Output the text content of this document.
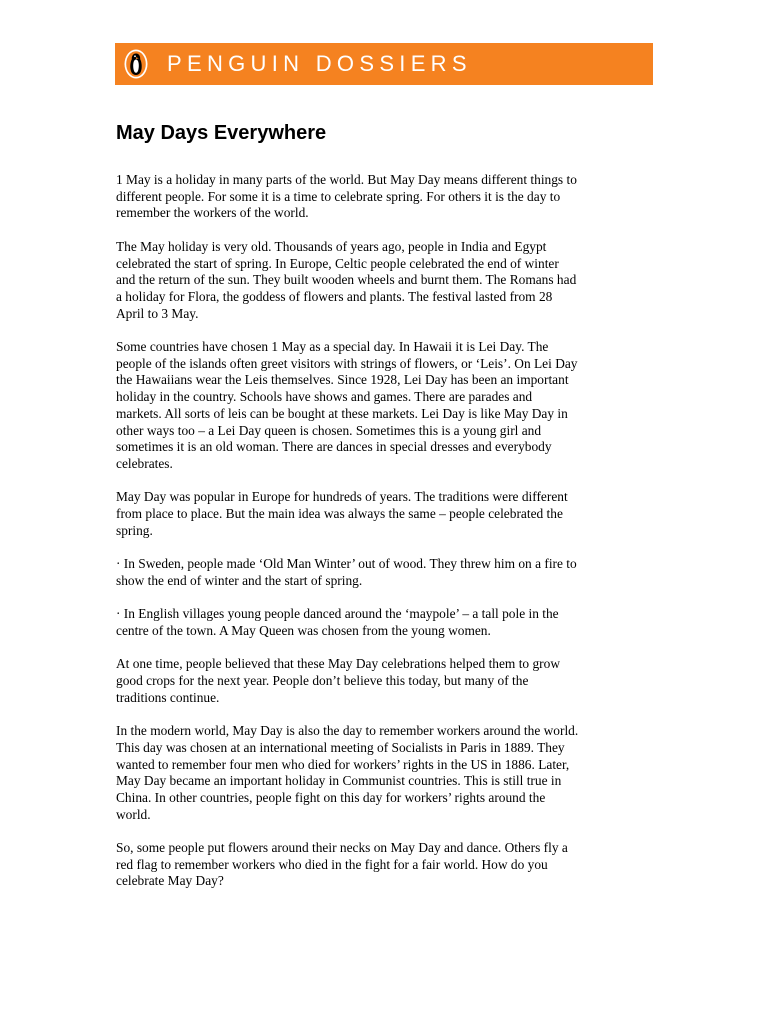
PENGUIN DOSSIERS
May Days Everywhere

1 May is a holiday in many parts of the world. But May Day means different things to
different people. For some it is a time to celebrate spring. For others it is the day to
remember the workers of the world.

The May holiday is very old. Thousands of years ago, people in India and Egypt
celebrated the start of spring. In Europe, Celtic people celebrated the end of winter
and the return of the sun. They built wooden wheels and burnt them. The Romans had
a holiday for Flora, the goddess of flowers and plants. The festival lasted from 28
April to 3 May.

Some countries have chosen 1 May as a special day. In Hawaii it is Lei Day. The
people of the islands often greet visitors with strings of flowers, or ‘Leis’. On Lei Day
the Hawaiians wear the Leis themselves. Since 1928, Lei Day has been an important
holiday in the country. Schools have shows and games. There are parades and
markets. All sorts of leis can be bought at these markets. Lei Day is like May Day in
other ways too – a Lei Day queen is chosen. Sometimes this is a young girl and
sometimes it is an old woman. There are dances in special dresses and everybody
celebrates.

May Day was popular in Europe for hundreds of years. The traditions were different
from place to place. But the main idea was always the same – people celebrated the
spring.

· In Sweden, people made ‘Old Man Winter’ out of wood. They threw him on a fire to
show the end of winter and the start of spring.

· In English villages young people danced around the ‘maypole’ – a tall pole in the
centre of the town. A May Queen was chosen from the young women.

At one time, people believed that these May Day celebrations helped them to grow
good crops for the next year. People don’t believe this today, but many of the
traditions continue.

In the modern world, May Day is also the day to remember workers around the world.
This day was chosen at an international meeting of Socialists in Paris in 1889. They
wanted to remember four men who died for workers’ rights in the US in 1886. Later,
May Day became an important holiday in Communist countries. This is still true in
China. In other countries, people fight on this day for workers’ rights around the
world.

So, some people put flowers around their necks on May Day and dance. Others fly a
red flag to remember workers who died in the fight for a fair world. How do you
celebrate May Day?
